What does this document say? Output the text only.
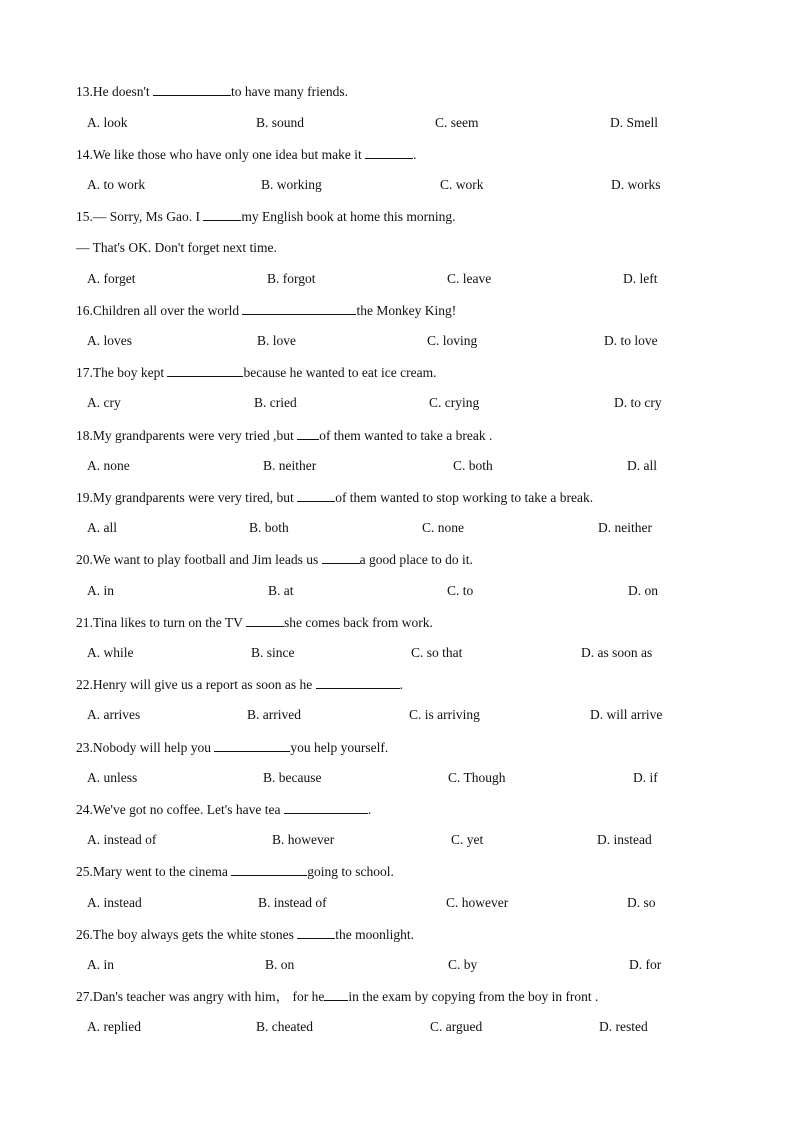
13.He doesn't	to have many friends.
A. look	B. sound	C. seem	D. Smell
14.We like those who have only one idea but make it	.
A. to work	B. working	C. work	D. works
15.— Sorry, Ms Gao. I	my English book at home this morning.
— That's OK. Don't forget next time.
A. forget	B. forgot	C. leave	D. left
16.Children all over the world	the Monkey King!
A. loves	B. love	C. loving	D. to love
17.The boy kept	because he wanted to eat ice cream.
A. cry	B. cried	C. crying	D. to cry
18.My grandparents were very tried ,but of them wanted to take a break .
A. none	B. neither	C. both	D. all
19.My grandparents were very tired, but	of them wanted to stop working to take a break.
A. all	B. both	C. none	D. neither
20.We want to play football and Jim leads us	a good place to do it.
A. in	B. at	C. to	D. on
21.Tina likes to turn on the TV	she comes back from work.
A. while	B. since	C. so that	D. as soon as
22.Henry will give us a report as soon as he	.
A. arrives	B. arrived	C. is arriving	D. will arrive
23.Nobody will help you	you help yourself.
A. unless	B. because	C. Though	D. if
24.We've got no coffee. Let's have tea	.
A. instead of	B. however	C. yet	D. instead
25.Mary went to the cinema	going to school.
A. instead	B. instead of	C. however	D. so
26.The boy always gets the white stones	the moonlight.
A. in	B. on	C. by	D. for
27.Dan's teacher was angry with him， for he in the exam by copying from the boy in front .
A. replied	B. cheated	C. argued	D. rested
